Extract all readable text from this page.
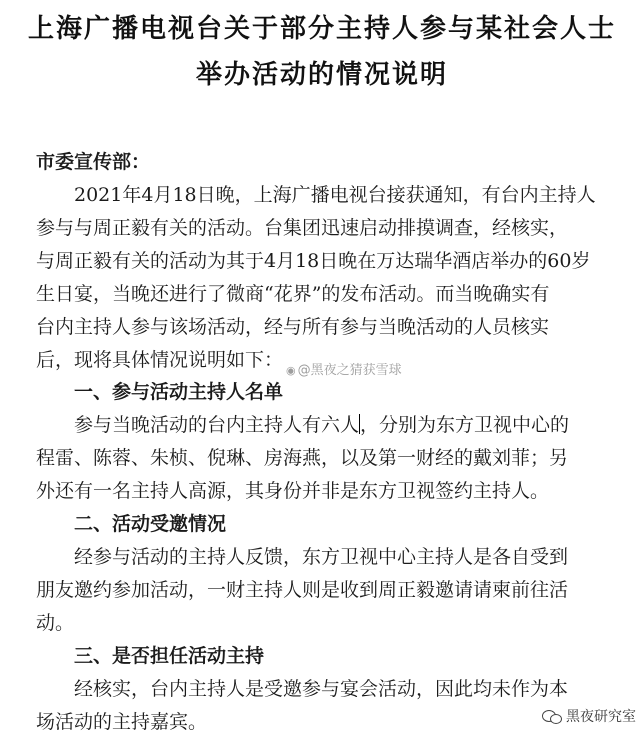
上海广播电视台关于部分主持人参与某社会人士
举办活动的情况说明
市委宣传部：
2021年4月18日晚，上海广播电视台接获通知，有台内主持人
参与与周正毅有关的活动。台集团迅速启动排摸调查，经核实，
与周正毅有关的活动为其于4月18日晚在万达瑞华酒店举办的60岁
生日宴，当晚还进行了微商“花界”的发布活动。而当晚确实有
台内主持人参与该场活动，经与所有参与当晚活动的人员核实
后，现将具体情况说明如下：
一、参与活动主持人名单
参与当晚活动的台内主持人有六人，分别为东方卫视中心的
程雷、陈蓉、朱桢、倪琳、房海燕，以及第一财经的戴刘菲；另
外还有一名主持人高源，其身份并非是东方卫视签约主持人。
二、活动受邀情况
经参与活动的主持人反馈，东方卫视中心主持人是各自受到
朋友邀约参加活动，一财主持人则是收到周正毅邀请请柬前往活
动。
三、是否担任活动主持
经核实，台内主持人是受邀参与宴会活动，因此均未作为本
场活动的主持嘉宾。
◉ @黑夜之猜获雪球
黑夜研究室
